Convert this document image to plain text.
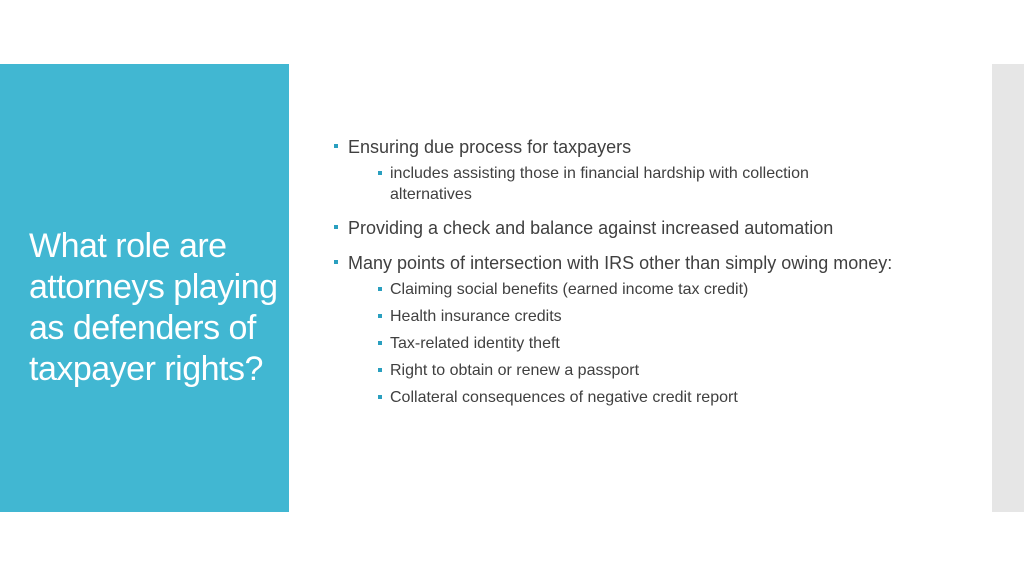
What role are attorneys playing as defenders of taxpayer rights?
Ensuring due process for taxpayers
includes assisting those in financial hardship with collection alternatives
Providing a check and balance against increased automation
Many points of intersection with IRS other than simply owing money:
Claiming social benefits (earned income tax credit)
Health insurance credits
Tax-related identity theft
Right to obtain or renew a passport
Collateral consequences of negative credit report
